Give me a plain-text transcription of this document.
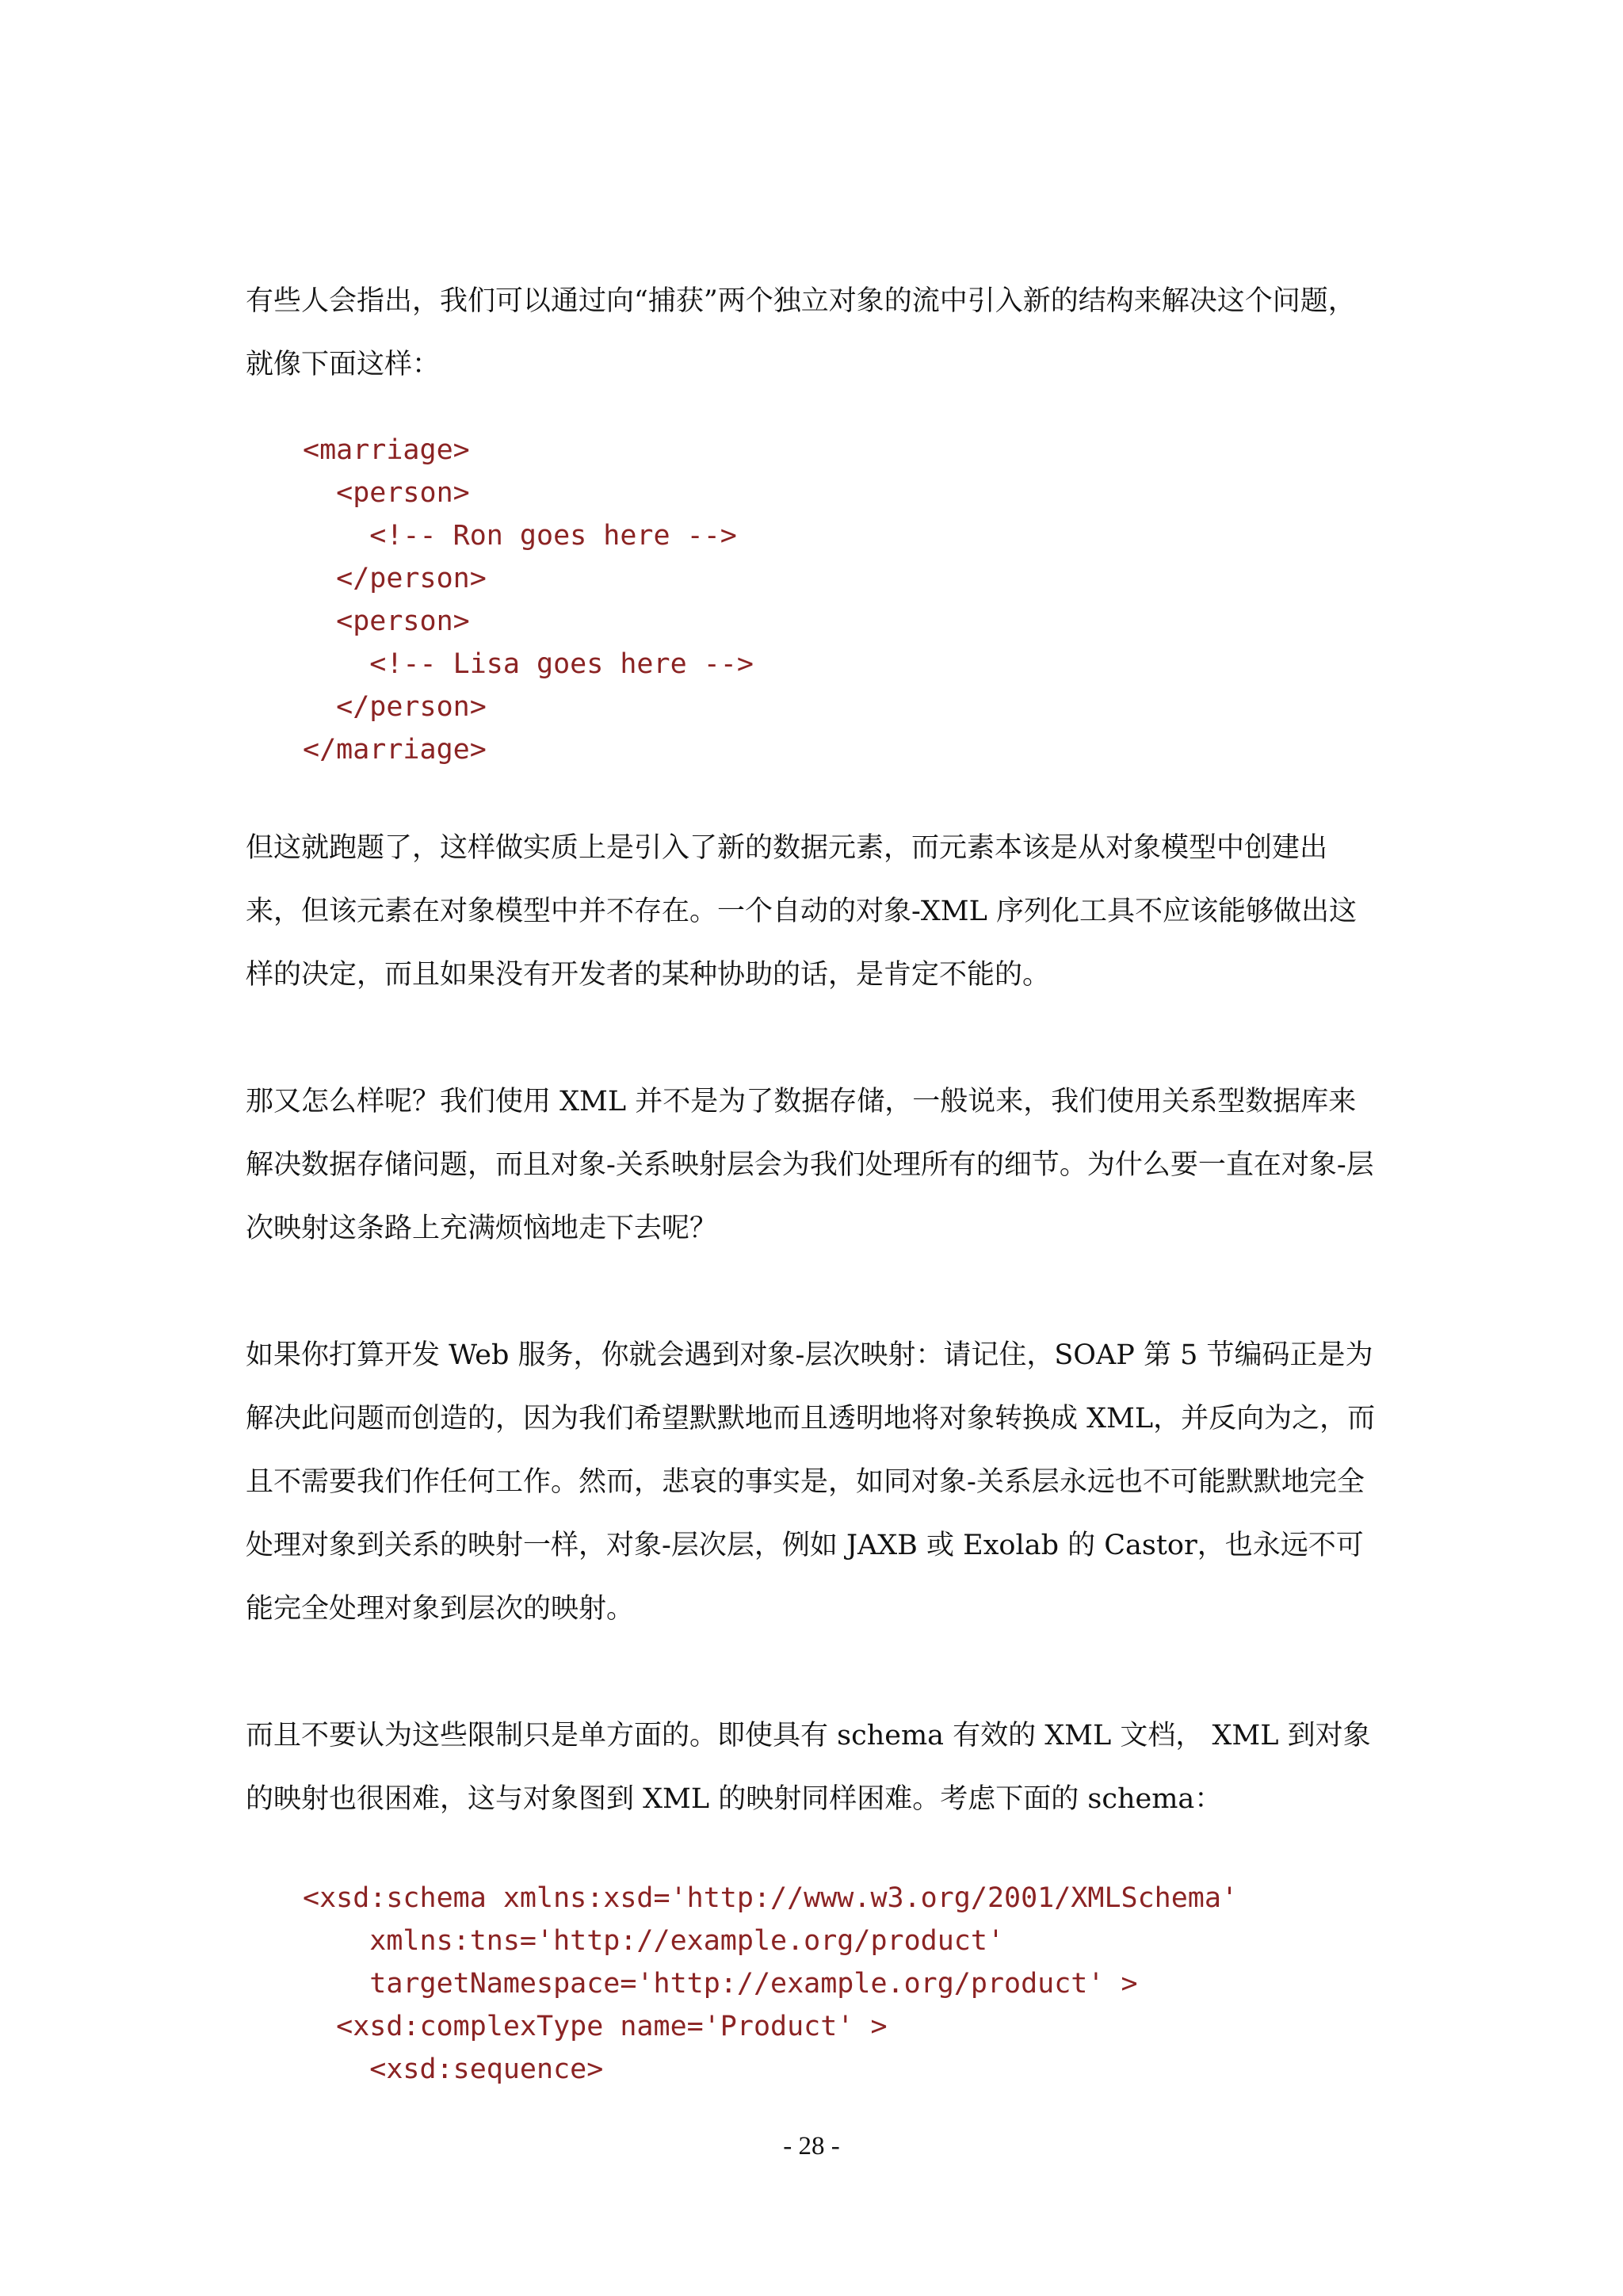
有些人会指出，我们可以通过向“捕获”两个独立对象的流中引入新的结构来解决这个问题，就像下面这样：

<marriage>
<person>
<!-- Ron goes here -->
</person>
<person>
<!-- Lisa goes here -->
</person>
</marriage>

但这就跑题了，这样做实质上是引入了新的数据元素，而元素本该是从对象模型中创建出来，但该元素在对象模型中并不存在。一个自动的对象-XML 序列化工具不应该能够做出这样的决定，而且如果没有开发者的某种协助的话，是肯定不能的。

那又怎么样呢？我们使用 XML 并不是为了数据存储，一般说来，我们使用关系型数据库来解决数据存储问题，而且对象-关系映射层会为我们处理所有的细节。为什么要一直在对象-层次映射这条路上充满烦恼地走下去呢？

如果你打算开发 Web 服务，你就会遇到对象-层次映射：请记住，SOAP 第 5 节编码正是为解决此问题而创造的，因为我们希望默默地而且透明地将对象转换成 XML，并反向为之，而且不需要我们作任何工作。然而，悲哀的事实是，如同对象-关系层永远也不可能默默地完全处理对象到关系的映射一样，对象-层次层，例如 JAXB 或 Exolab 的 Castor，也永远不可能完全处理对象到层次的映射。

而且不要认为这些限制只是单方面的。即使具有 schema 有效的 XML 文档， XML 到对象的映射也很困难，这与对象图到 XML 的映射同样困难。考虑下面的 schema：

<xsd:schema xmlns:xsd='http://www.w3.org/2001/XMLSchema'
xmlns:tns='http://example.org/product'
targetNamespace='http://example.org/product' >
<xsd:complexType name='Product' >
<xsd:sequence>
- 28 -
